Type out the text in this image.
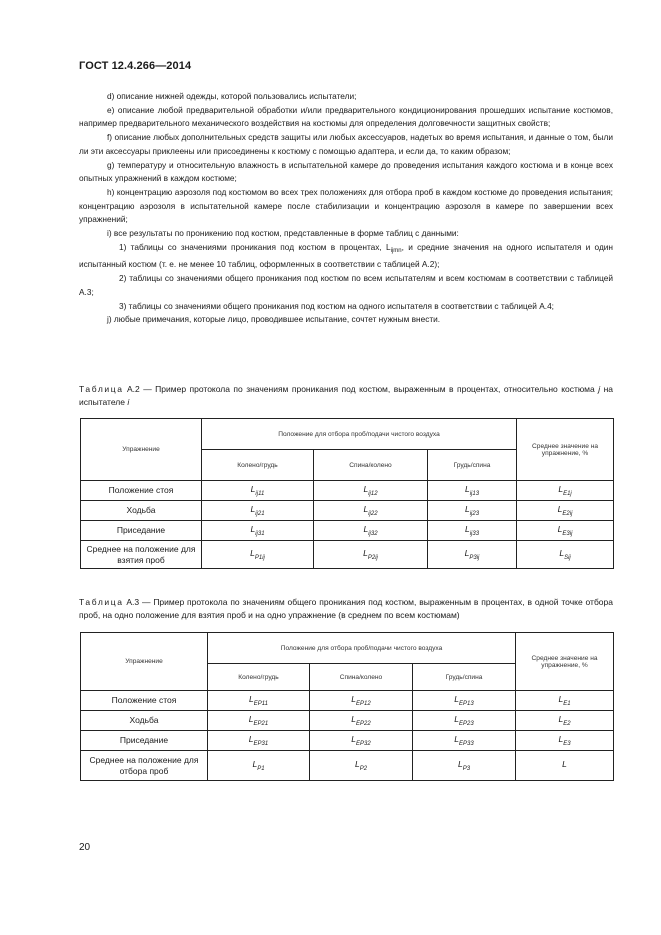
ГОСТ 12.4.266—2014

d) описание нижней одежды, которой пользовались испытатели;

e) описание любой предварительной обработки и/или предварительного кондиционирования прошедших испытание костюмов, например предварительного механического воздействия на костюмы для определения долговечности защитных свойств;

f) описание любых дополнительных средств защиты или любых аксессуаров, надетых во время испытания, и данные о том, были ли эти аксессуары приклеены или присоединены к костюму с помощью адаптера, и если да, то каким образом;

g) температуру и относительную влажность в испытательной камере до проведения испытания каждого костюма и в конце всех опытных упражнений в каждом костюме;

h) концентрацию аэрозоля под костюмом во всех трех положениях для отбора проб в каждом костюме до проведения испытания; концентрацию аэрозоля в испытательной камере после стабилизации и концентрацию аэрозоля в камере по завершении всех упражнений;

i) все результаты по проникению под костюм, представленные в форме таблиц с данными:

1) таблицы со значениями проникания под костюм в процентах, $L_{ijmn}$, и средние значения на одного испытателя и один испытанный костюм (т. е. не менее 10 таблиц, оформленных в соответствии с таблицей А.2);

2) таблицы со значениями общего проникания под костюм по всем испытателям и всем костюмам в соответствии с таблицей А.3;

3) таблицы со значениями общего проникания под костюм на одного испытателя в соответствии с таблицей А.4;

j) любые примечания, которые лицо, проводившее испытание, сочтет нужным внести.

Таблица А.2 — Пример протокола по значениям проникания под костюм, выраженным в процентах, относительно костюма j на испытателе i
Упражнение	Положение для отбора проб/подачи чистого воздуха			Среднее значение на упражнение, %
	Колено/грудь	Спина/колено	Грудь/спина	
Положение стоя	$L_{ij11}$	$L_{ij12}$	$L_{ij13}$	$L_{E1j}$
Ходьба	$L_{ij21}$	$L_{ij22}$	$L_{ij23}$	$L_{E2ij}$
Приседание	$L_{ij31}$	$L_{ij32}$	$L_{ij33}$	$L_{E3ij}$
Среднее на положение для взятия проб	$L_{P1ij}$	$L_{P2ij}$	$L_{P3ij}$	$L_{Sij}$
Таблица А.3 — Пример протокола по значениям общего проникания под костюм, выраженным в процентах, в одной точке отбора проб, на одно положение для взятия проб и на одно упражнение (в среднем по всем костюмам)
Упражнение	Положение для отбора проб/подачи чистого воздуха			Среднее значение на упражнение, %
	Колено/грудь	Спина/колено	Грудь/спина	
Положение стоя	$L_{EP11}$	$L_{EP12}$	$L_{EP13}$	$L_{E1}$
Ходьба	$L_{EP21}$	$L_{EP22}$	$L_{EP23}$	$L_{E2}$
Приседание	$L_{EP31}$	$L_{EP32}$	$L_{EP33}$	$L_{E3}$
Среднее на положение для отбора проб	$L_{P1}$	$L_{P2}$	$L_{P3}$	L
20
